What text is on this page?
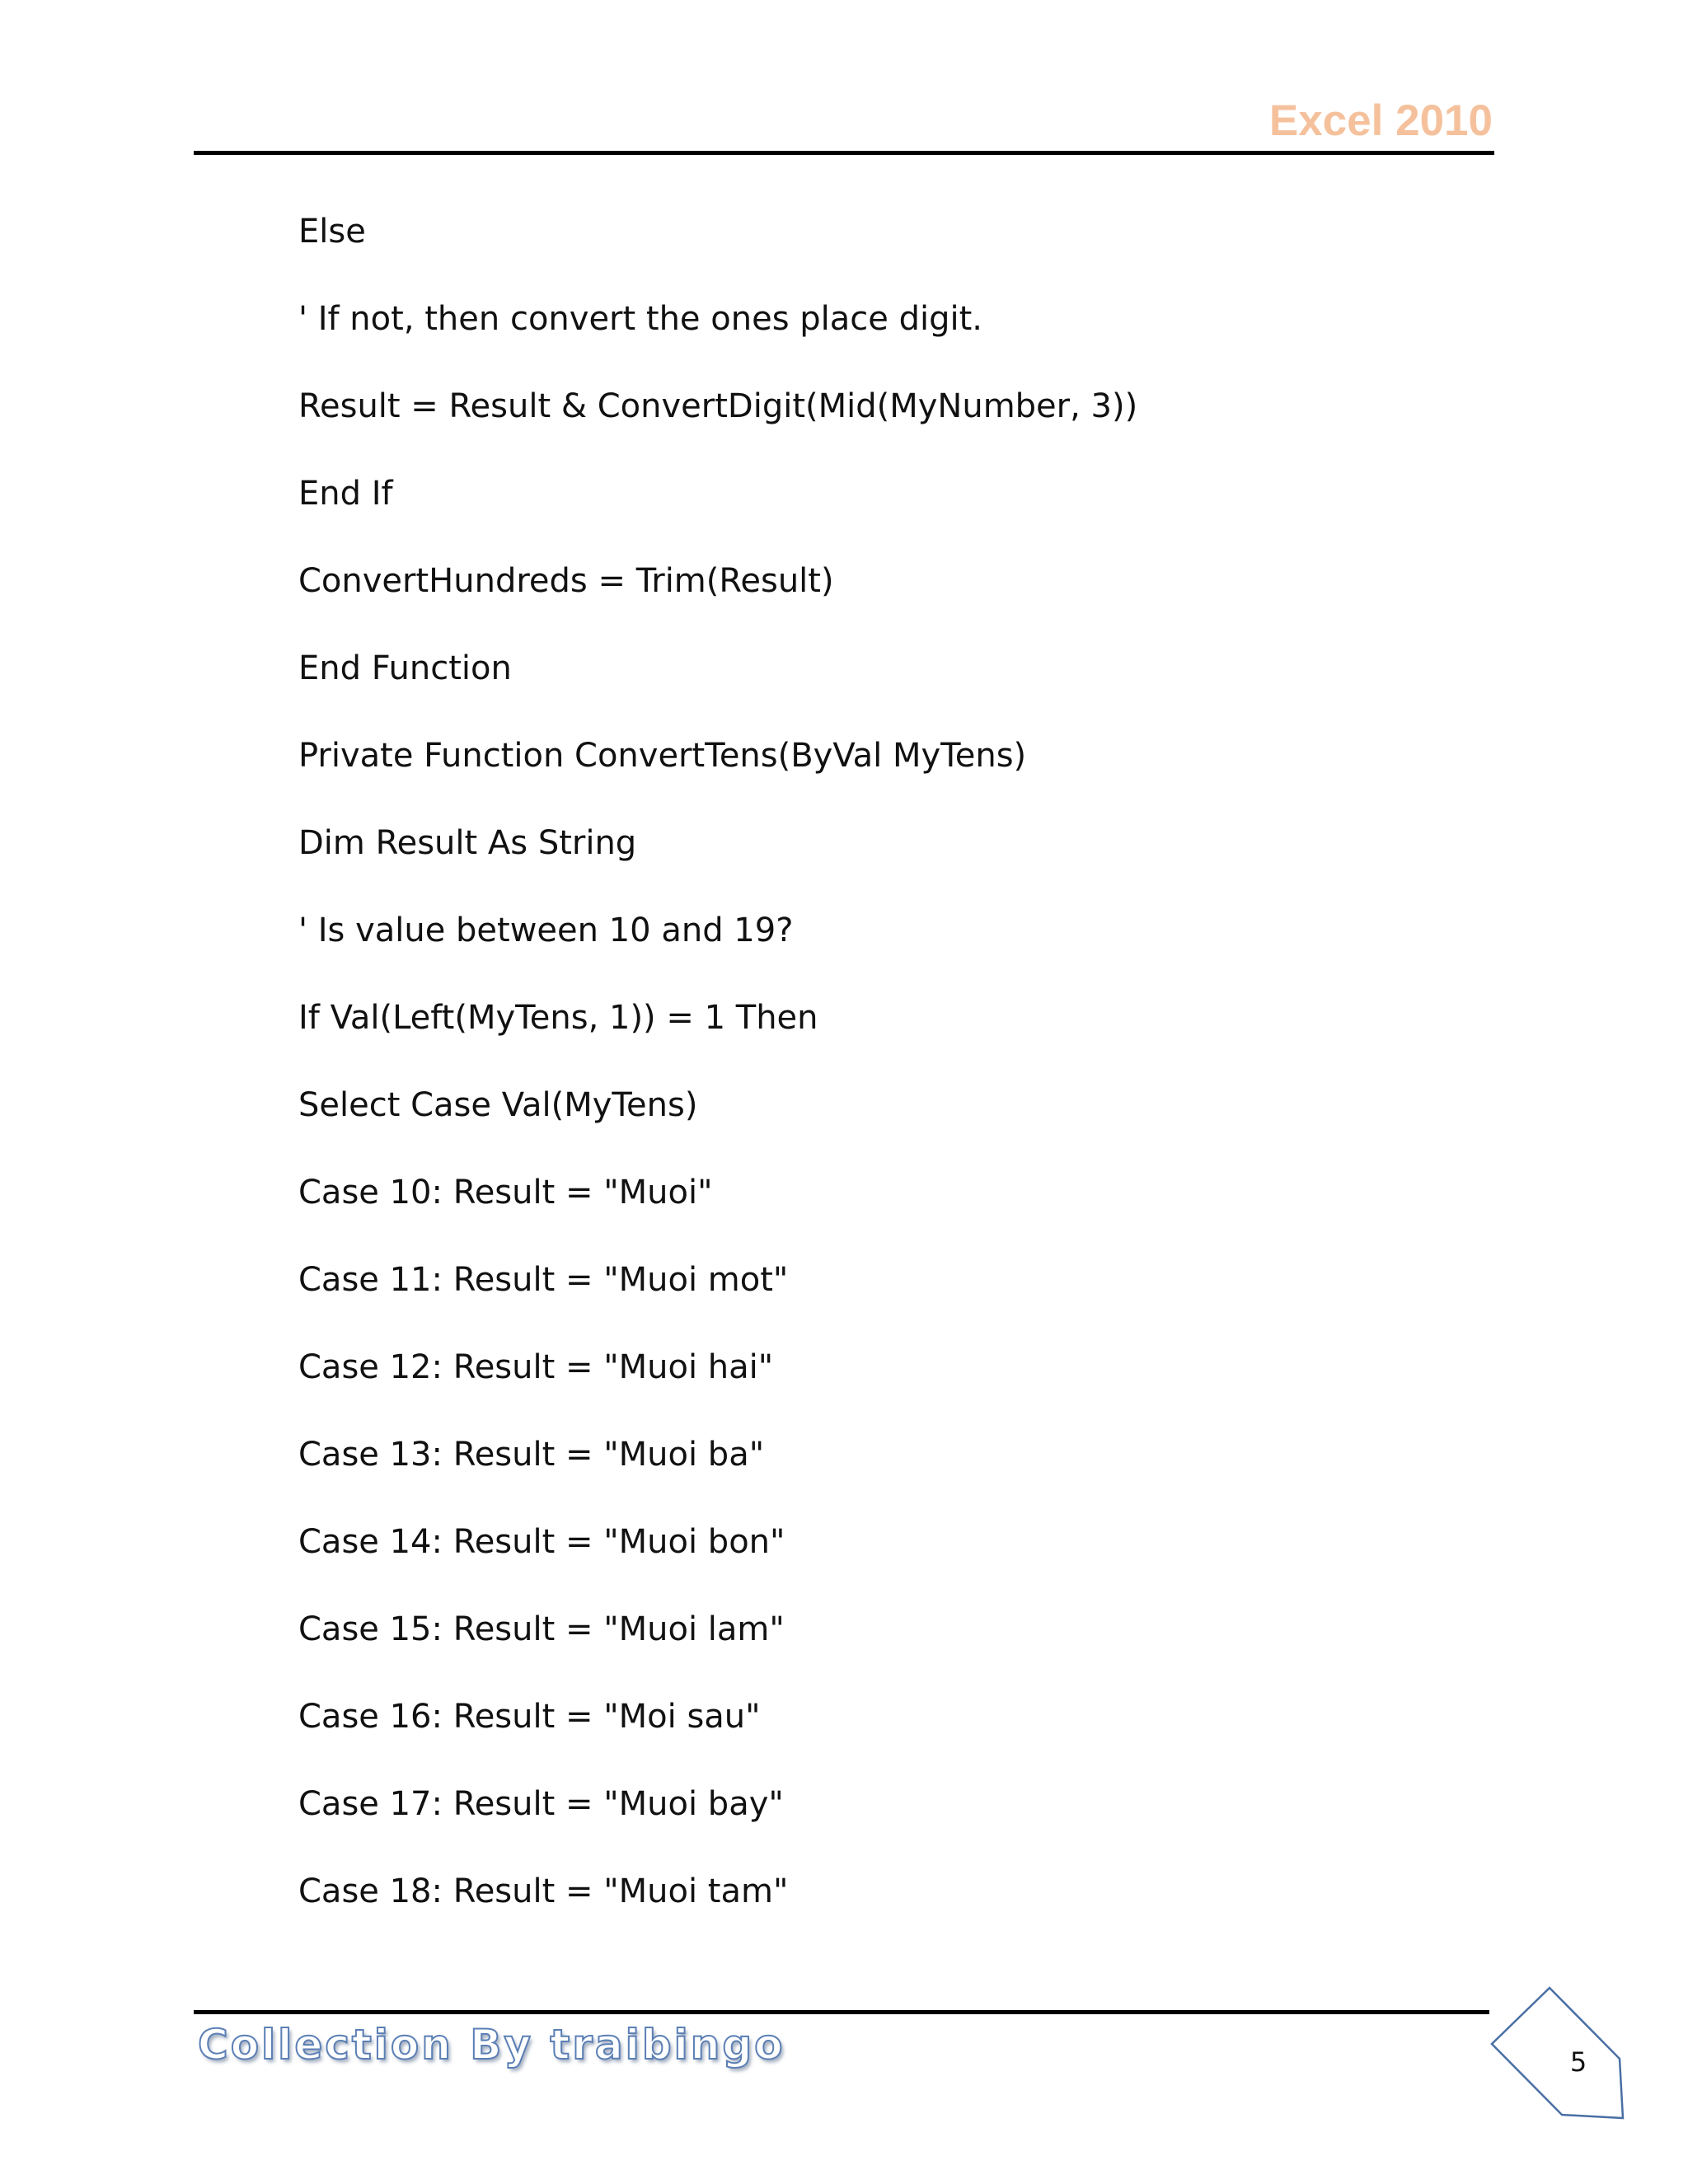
Excel 2010
Else
' If not, then convert the ones place digit.
Result = Result & ConvertDigit(Mid(MyNumber, 3))
End If
ConvertHundreds = Trim(Result)
End Function
Private Function ConvertTens(ByVal MyTens)
Dim Result As String
' Is value between 10 and 19?
If Val(Left(MyTens, 1)) = 1 Then
Select Case Val(MyTens)
Case 10: Result = "Muoi"
Case 11: Result = "Muoi mot"
Case 12: Result = "Muoi hai"
Case 13: Result = "Muoi ba"
Case 14: Result = "Muoi bon"
Case 15: Result = "Muoi lam"
Case 16: Result = "Moi sau"
Case 17: Result = "Muoi bay"
Case 18: Result = "Muoi tam"
Collection By traibingo	5
